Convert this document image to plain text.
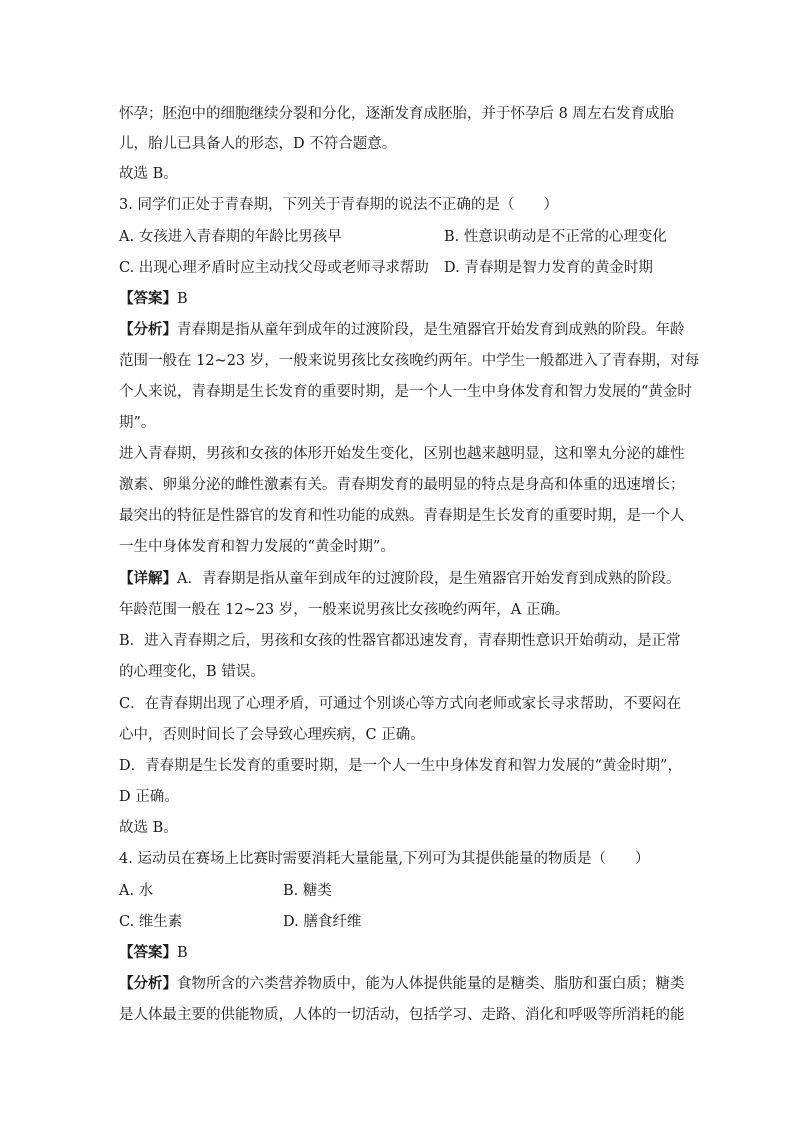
怀孕；胚泡中的细胞继续分裂和分化，逐渐发育成胚胎，并于怀孕后 8 周左右发育成胎
儿，胎儿已具备人的形态，D 不符合题意。
故选 B。
3. 同学们正处于青春期，下列关于青春期的说法不正确的是（　　）
A. 女孩进入青春期的年龄比男孩早	B. 性意识萌动是不正常的心理变化
C. 出现心理矛盾时应主动找父母或老师寻求帮助 D. 青春期是智力发育的黄金时期
【答案】B
【分析】青春期是指从童年到成年的过渡阶段，是生殖器官开始发育到成熟的阶段。年龄
范围一般在 12~23 岁，一般来说男孩比女孩晚约两年。中学生一般都进入了青春期，对每
个人来说，青春期是生长发育的重要时期，是一个人一生中身体发育和智力发展的“黄金时
期”。
进入青春期，男孩和女孩的体形开始发生变化，区别也越来越明显，这和睾丸分泌的雄性
激素、卵巢分泌的雌性激素有关。青春期发育的最明显的特点是身高和体重的迅速增长；
最突出的特征是性器官的发育和性功能的成熟。青春期是生长发育的重要时期，是一个人
一生中身体发育和智力发展的“黄金时期”。
【详解】A．青春期是指从童年到成年的过渡阶段，是生殖器官开始发育到成熟的阶段。
年龄范围一般在 12~23 岁，一般来说男孩比女孩晚约两年，A 正确。
B．进入青春期之后，男孩和女孩的性器官都迅速发育，青春期性意识开始萌动，是正常
的心理变化，B 错误。
C．在青春期出现了心理矛盾，可通过个别谈心等方式向老师或家长寻求帮助，不要闷在
心中，否则时间长了会导致心理疾病，C 正确。
D．青春期是生长发育的重要时期，是一个人一生中身体发育和智力发展的“黄金时期”，
D 正确。
故选 B。
4. 运动员在赛场上比赛时需要消耗大量能量,下列可为其提供能量的物质是（　　）
A. 水	B. 糖类
C. 维生素	D. 膳食纤维
【答案】B
【分析】食物所含的六类营养物质中，能为人体提供能量的是糖类、脂肪和蛋白质；糖类
是人体最主要的供能物质，人体的一切活动，包括学习、走路、消化和呼吸等所消耗的能
